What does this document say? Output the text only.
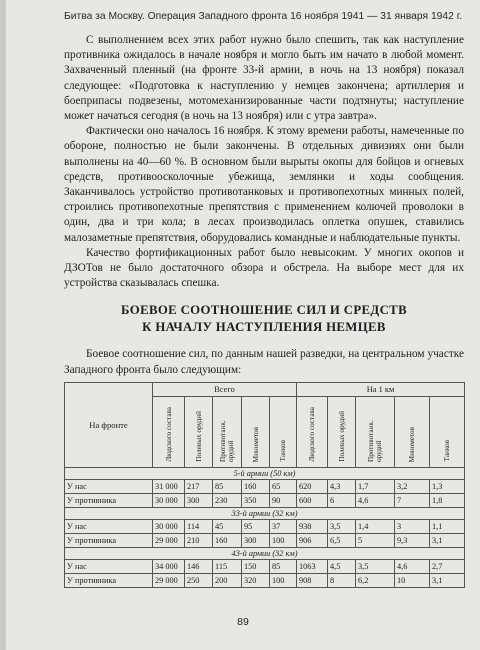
Битва за Москву. Операция Западного фронта 16 ноября 1941 — 31 января 1942 г.

С выполнением всех этих работ нужно было спешить, так как наступление противника ожидалось в начале ноября и могло быть им начато в любой момент. Захваченный пленный (на фронте 33-й армии, в ночь на 13 ноября) показал следующее: «Подготовка к наступлению у немцев закончена; артиллерия и боеприпасы подвезены, мотомеханизированные части подтянуты; наступление может начаться сегодня (в ночь на 13 ноября) или с утра завтра».

Фактически оно началось 16 ноября. К этому времени работы, намеченные по обороне, полностью не были закончены. В отдельных дивизиях они были выполнены на 40—60 %. В основном были вырыты окопы для бойцов и огневых средств, противоосколочные убежища, землянки и ходы сообщения. Заканчивалось устройство противотанковых и противопехотных минных полей, строились противопехотные препятствия с применением колючей проволоки в один, два и три кола; в лесах производилась оплетка опушек, ставились малозаметные препятствия, оборудовались командные и наблюдательные пункты.

Качество фортификационных работ было невысоким. У многих окопов и ДЗОТов не было достаточного обзора и обстрела. На выборе мест для их устройства сказывалась спешка.

БОЕВОЕ СООТНОШЕНИЕ СИЛ И СРЕДСТВ
К НАЧАЛУ НАСТУПЛЕНИЯ НЕМЦЕВ

Боевое соотношение сил, по данным нашей разведки, на центральном участке Западного фронта было следующим:

На фронте	Всего					На 1 км				
	Людского состава	Полевых орудий	Противотанк. орудий	Минометов	Танков	Людского состава	Полевых орудий	Противотанк. орудий	Минометов	Танков
5-й армии (50 км)										
У нас	31 000	217	85	160	65	620	4,3	1,7	3,2	1,3
У противника	30 000	300	230	350	90	600	6	4,6	7	1,8
33-й армии (32 км)										
У нас	30 000	114	45	95	37	938	3,5	1,4	3	1,1
У противника	29 000	210	160	300	100	906	6,5	5	9,3	3,1
43-й армии (32 км)										
У нас	34 000	146	115	150	85	1063	4,5	3,5	4,6	2,7
У противника	29 000	250	200	320	100	908	8	6,2	10	3,1
89
